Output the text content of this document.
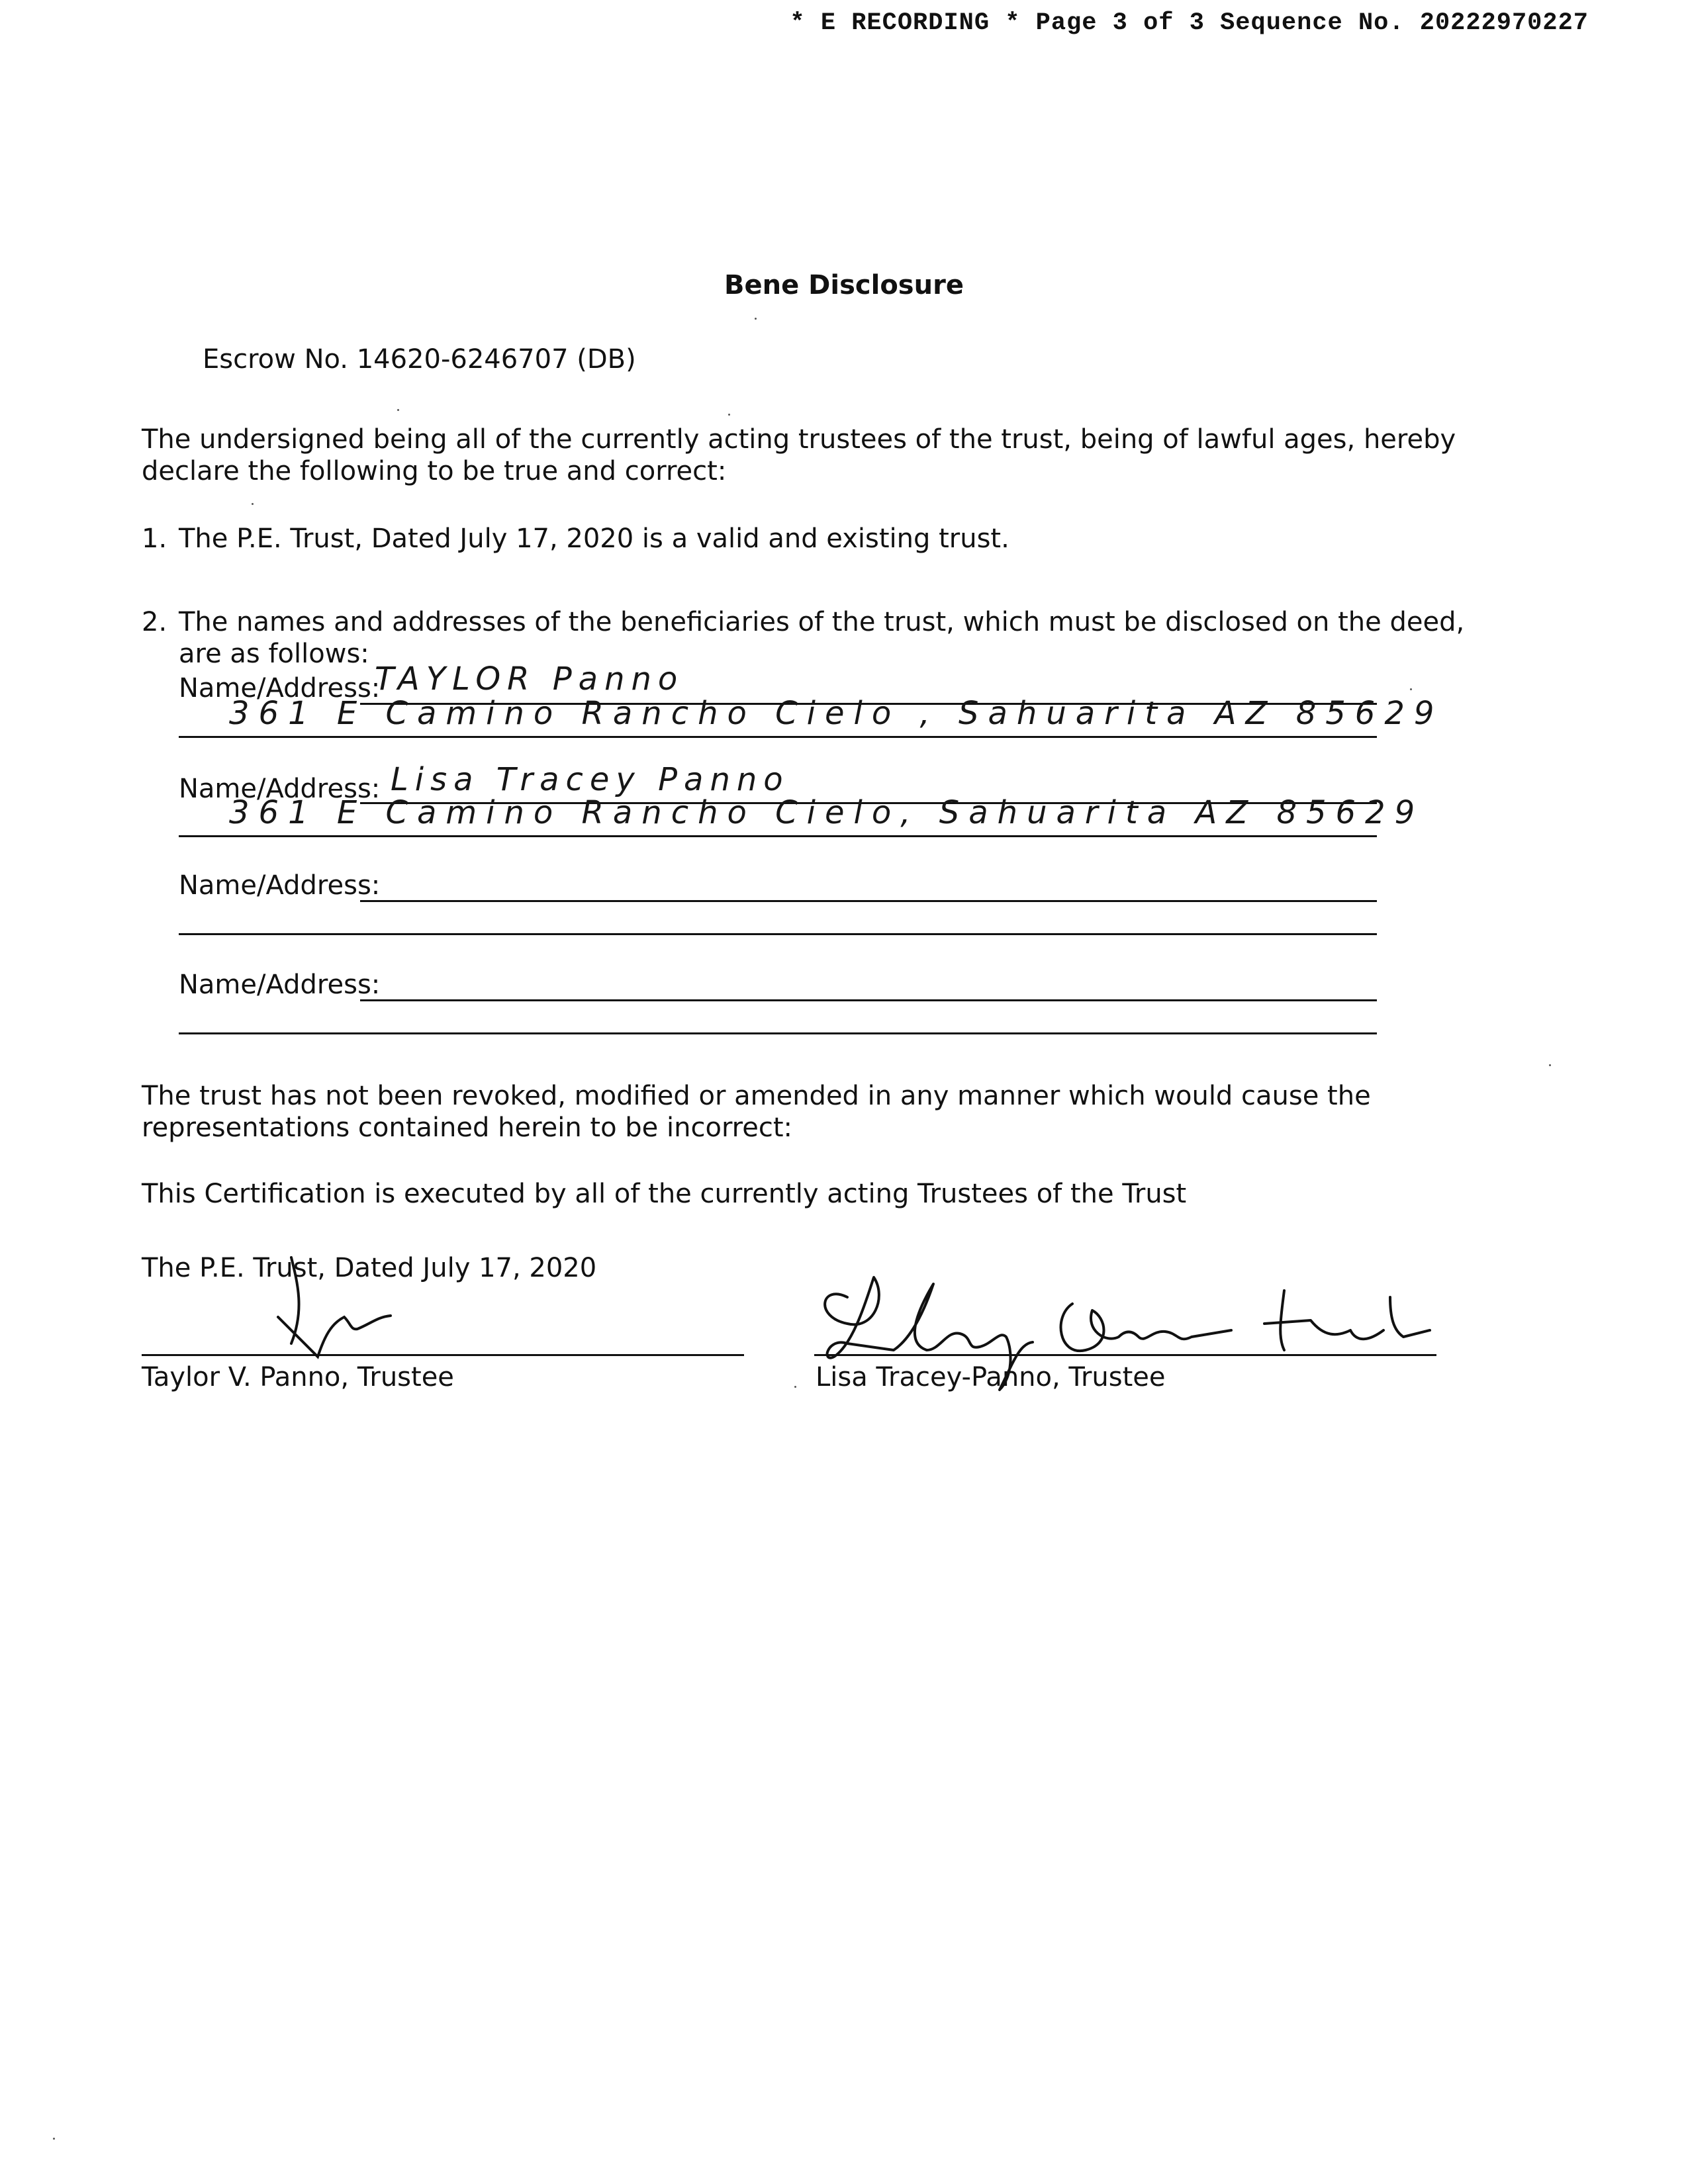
* E RECORDING * Page 3 of 3 Sequence No. 20222970227
Bene Disclosure
Escrow No. 14620-6246707 (DB)
The undersigned being all of the currently acting trustees of the trust, being of lawful ages, hereby declare the following to be true and correct:
1. The P.E. Trust, Dated July 17, 2020 is a valid and existing trust.
2. The names and addresses of the beneficiaries of the trust, which must be disclosed on the deed, are as follows:
Name/Address:
TAYLOR Panno
361 E Camino Rancho Cielo , Sahuarita AZ 85629
Name/Address: Lisa Tracey Panno
361 E Camino Rancho Cielo, Sahuarita AZ 85629
Name/Address:
Name/Address:
The trust has not been revoked, modified or amended in any manner which would cause the representations contained herein to be incorrect:
This Certification is executed by all of the currently acting Trustees of the Trust
The P.E. Trust, Dated July 17, 2020
Taylor V. Panno, Trustee	Lisa Tracey-Panno, Trustee
